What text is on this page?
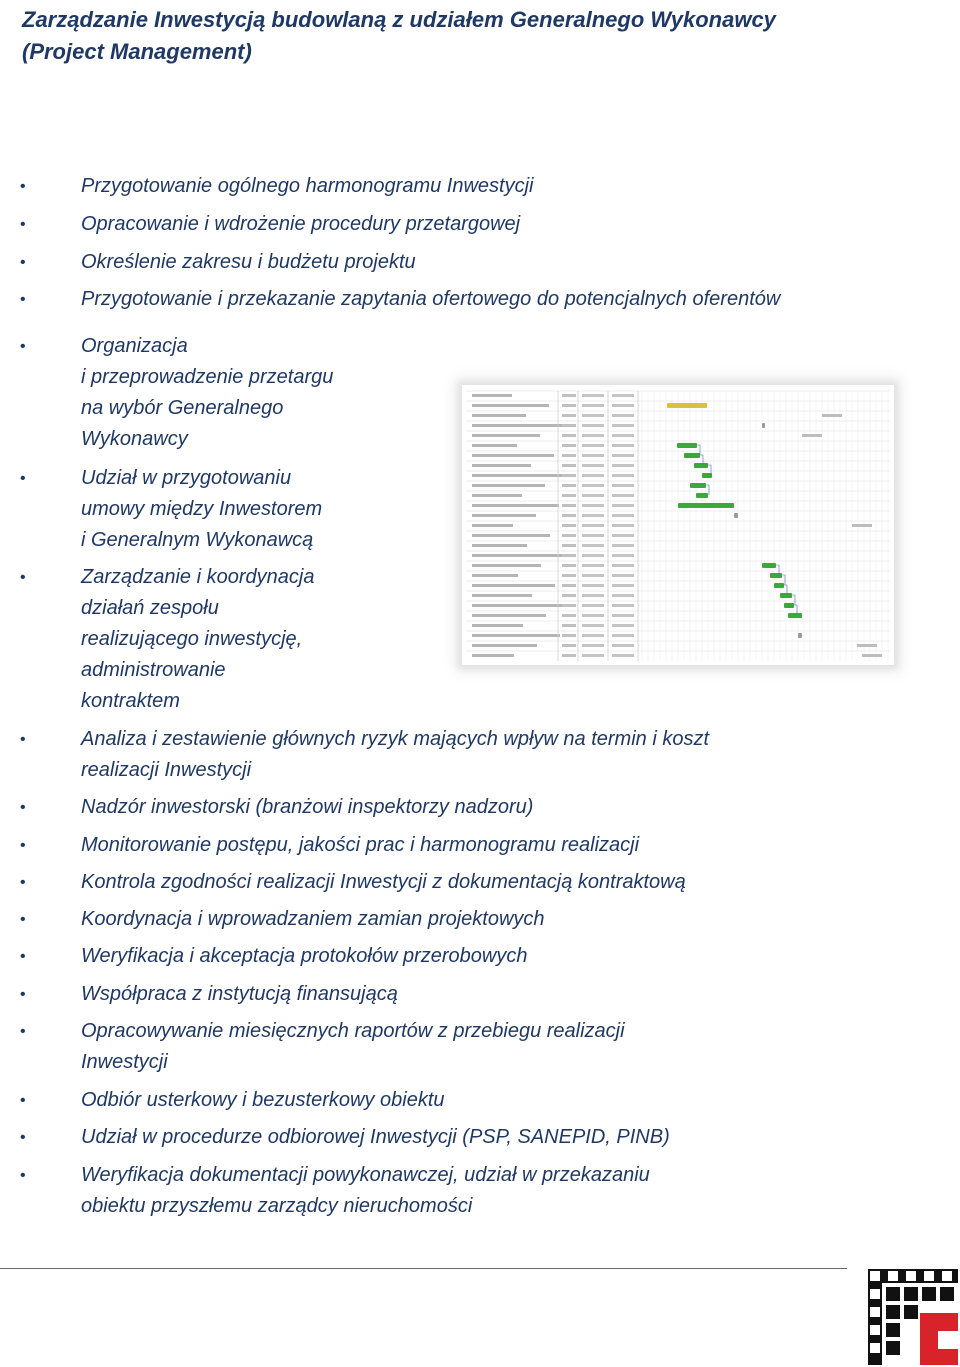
Zarządzanie Inwestycją budowlaną z udziałem Generalnego Wykonawcy
(Project Management)
•	Przygotowanie ogólnego harmonogramu Inwestycji
•	Opracowanie i wdrożenie procedury przetargowej
•	Określenie zakresu i budżetu projektu
•	Przygotowanie i przekazanie zapytania ofertowego do potencjalnych oferentów
•	Organizacja
i przeprowadzenie przetargu
na wybór Generalnego
Wykonawcy
•	Udział w przygotowaniu
umowy między Inwestorem
i Generalnym Wykonawcą
•	Zarządzanie i koordynacja
działań zespołu
realizującego inwestycję,
administrowanie
kontraktem
•	Analiza i zestawienie głównych ryzyk mających wpływ na termin i koszt
realizacji Inwestycji
•	Nadzór inwestorski (branżowi inspektorzy nadzoru)
•	Monitorowanie postępu, jakości prac i harmonogramu realizacji
•	Kontrola zgodności realizacji Inwestycji z dokumentacją kontraktową
•	Koordynacja i wprowadzaniem zamian projektowych
•	Weryfikacja i akceptacja protokołów przerobowych
•	Współpraca z instytucją finansującą
•	Opracowywanie miesięcznych raportów z przebiegu realizacji
Inwestycji
•	Odbiór usterkowy i bezusterkowy obiektu
•	Udział w procedurze odbiorowej Inwestycji (PSP, SANEPID, PINB)
•	Weryfikacja dokumentacji powykonawczej, udział w przekazaniu
obiektu przyszłemu zarządcy nieruchomości
